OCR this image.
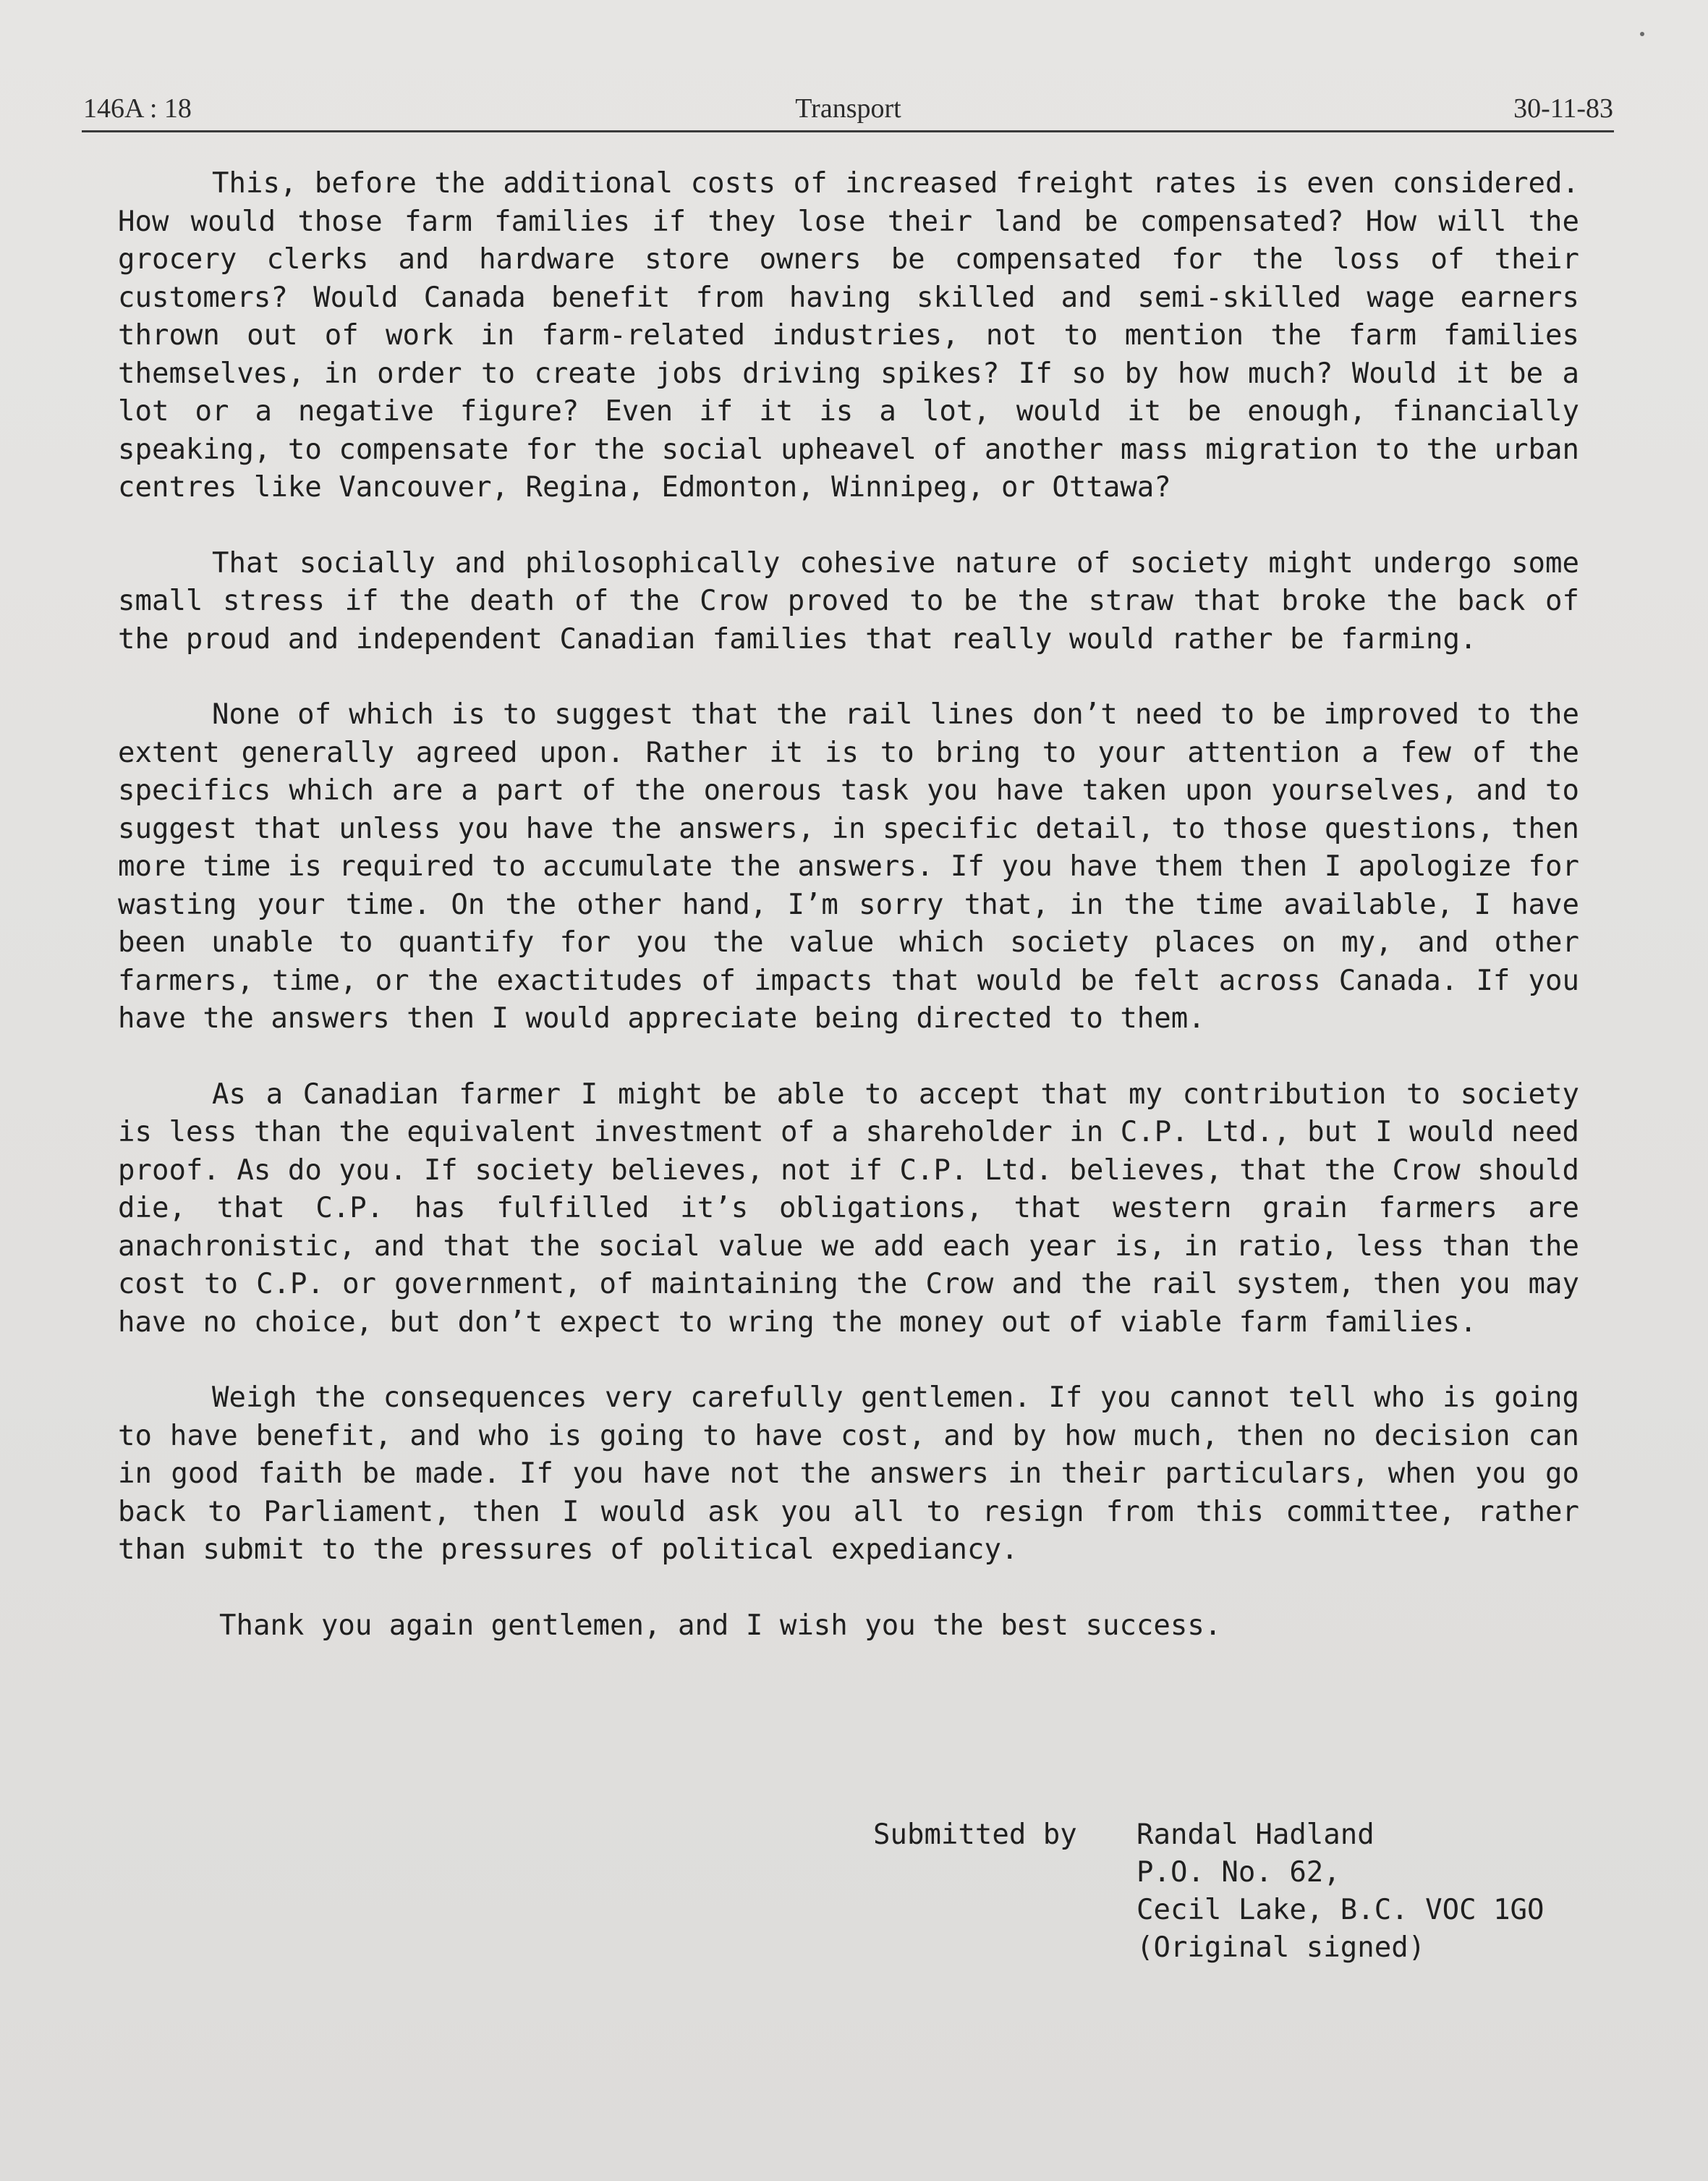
146A : 18	Transport	30-11-83

This, before the additional costs of increased freight rates is even considered. How would those farm families if they lose their land be compensated? How will the grocery clerks and hardware store owners be compensated for the loss of their customers? Would Canada benefit from having skilled and semi-skilled wage earners thrown out of work in farm-related industries, not to mention the farm families themselves, in order to create jobs driving spikes? If so by how much? Would it be a lot or a negative figure? Even if it is a lot, would it be enough, financially speaking, to compensate for the social upheavel of another mass migration to the urban centres like Vancouver, Regina, Edmonton, Winnipeg, or Ottawa?

That socially and philosophically cohesive nature of society might undergo some small stress if the death of the Crow proved to be the straw that broke the back of the proud and independent Canadian families that really would rather be farming.

None of which is to suggest that the rail lines don’t need to be improved to the extent generally agreed upon. Rather it is to bring to your attention a few of the specifics which are a part of the onerous task you have taken upon yourselves, and to suggest that unless you have the answers, in specific detail, to those questions, then more time is required to accumulate the answers. If you have them then I apologize for wasting your time. On the other hand, I’m sorry that, in the time available, I have been unable to quantify for you the value which society places on my, and other farmers, time, or the exactitudes of impacts that would be felt across Canada. If you have the answers then I would appreciate being directed to them.

As a Canadian farmer I might be able to accept that my contribution to society is less than the equivalent investment of a shareholder in C.P. Ltd., but I would need proof. As do you. If society believes, not if C.P. Ltd. believes, that the Crow should die, that C.P. has fulfilled it’s obligations, that western grain farmers are anachronistic, and that the social value we add each year is, in ratio, less than the cost to C.P. or government, of maintaining the Crow and the rail system, then you may have no choice, but don’t expect to wring the money out of viable farm families.

Weigh the consequences very carefully gentlemen. If you cannot tell who is going to have benefit, and who is going to have cost, and by how much, then no decision can in good faith be made. If you have not the answers in their particulars, when you go back to Parliament, then I would ask you all to resign from this committee, rather than submit to the pressures of political expediancy.

Thank you again gentlemen, and I wish you the best success.

Submitted by Randal Hadland
P.O. No. 62,
Cecil Lake, B.C. VOC 1GO
(Original signed)
